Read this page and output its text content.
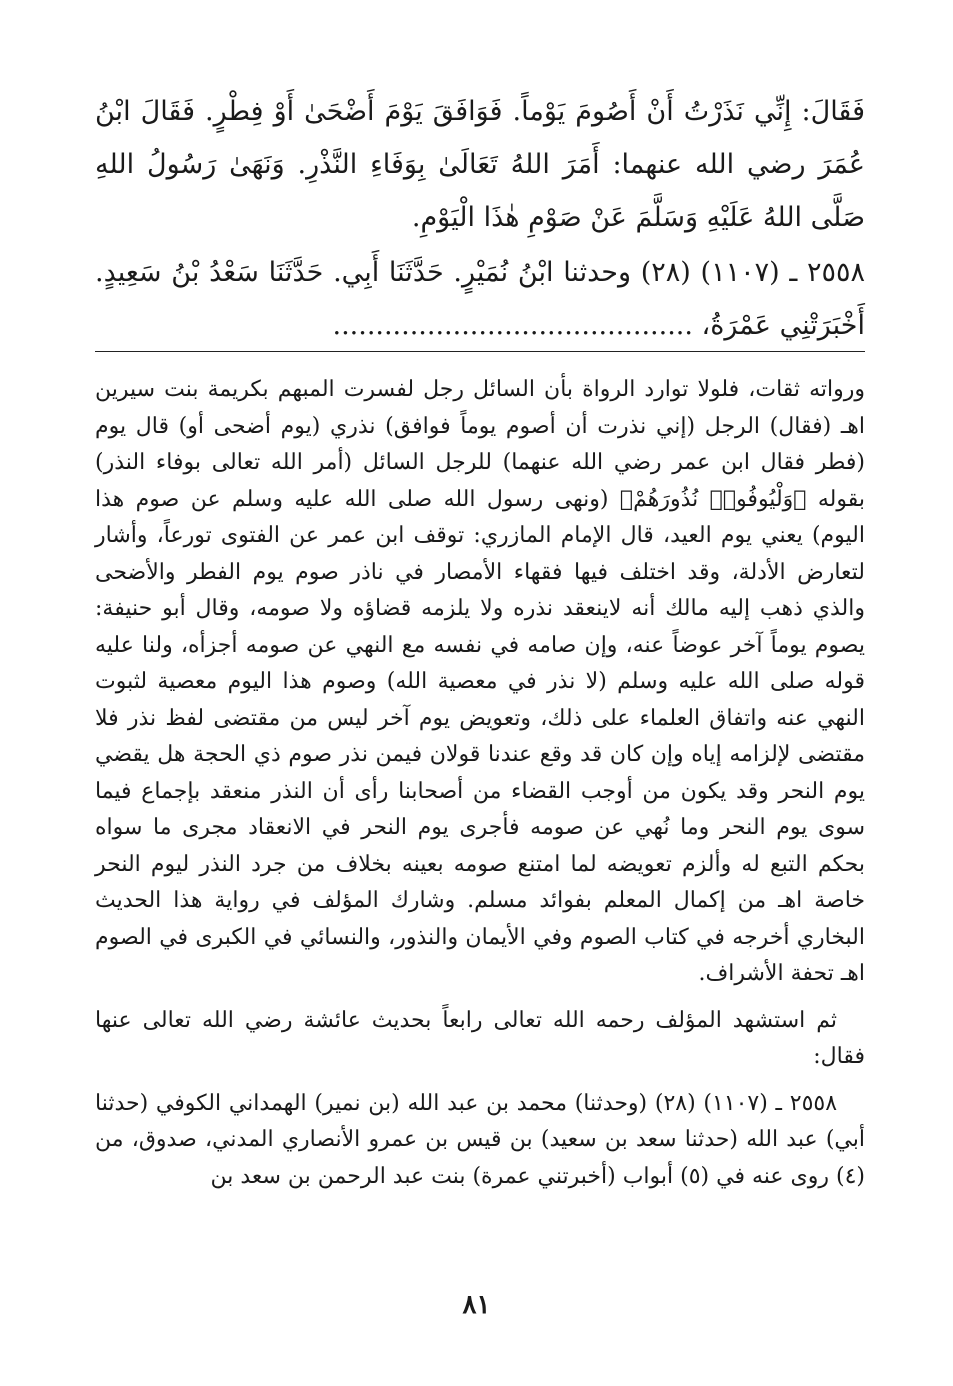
فَقَالَ: إِنِّي نَذَرْتُ أَنْ أَصُومَ يَوْماً. فَوَافَقَ يَوْمَ أَضْحَىٰ أَوْ فِطْرٍ. فَقَالَ ابْنُ عُمَرَ رضي الله عنهما: أَمَرَ اللهُ تَعَالَىٰ بِوَفَاءِ النَّذْرِ. وَنَهَىٰ رَسُولُ اللهِ صَلَّى اللهُ عَلَيْهِ وَسَلَّمَ عَنْ صَوْمِ هٰذَا الْيَوْمِ.

٢٥٥٨ ـ (١١٠٧) (٢٨) وحدثنا ابْنُ نُمَيْرٍ. حَدَّثَنَا أَبِي. حَدَّثَنَا سَعْدُ بْنُ سَعِيدٍ. أَخْبَرَتْنِي عَمْرَةُ، ..........................................

ورواته ثقات، فلولا توارد الرواة بأن السائل رجل لفسرت المبهم بكريمة بنت سيرين اهـ (فقال) الرجل (إني نذرت أن أصوم يوماً فوافق) نذري (يوم أضحى أو) قال يوم (فطر فقال ابن عمر رضي الله عنهما) للرجل السائل (أمر الله تعالى بوفاء النذر) بقوله ﴿وَلْيُوفُوا۟ نُذُورَهُمْ﴾ (ونهى رسول الله صلى الله عليه وسلم عن صوم هذا اليوم) يعني يوم العيد، قال الإمام المازري: توقف ابن عمر عن الفتوى تورعاً، وأشار لتعارض الأدلة، وقد اختلف فيها فقهاء الأمصار في ناذر صوم يوم الفطر والأضحى والذي ذهب إليه مالك أنه لاينعقد نذره ولا يلزمه قضاؤه ولا صومه، وقال أبو حنيفة: يصوم يوماً آخر عوضاً عنه، وإن صامه في نفسه مع النهي عن صومه أجزأه، ولنا عليه قوله صلى الله عليه وسلم (لا نذر في معصية الله) وصوم هذا اليوم معصية لثبوت النهي عنه واتفاق العلماء على ذلك، وتعويض يوم آخر ليس من مقتضى لفظ نذر فلا مقتضى لإلزامه إياه وإن كان قد وقع عندنا قولان فيمن نذر صوم ذي الحجة هل يقضي يوم النحر وقد يكون من أوجب القضاء من أصحابنا رأى أن النذر منعقد بإجماع فيما سوى يوم النحر وما نُهي عن صومه فأجرى يوم النحر في الانعقاد مجرى ما سواه بحكم التبع له وألزم تعويضه لما امتنع صومه بعينه بخلاف من جرد النذر ليوم النحر خاصة اهـ من إكمال المعلم بفوائد مسلم. وشارك المؤلف في رواية هذا الحديث البخاري أخرجه في كتاب الصوم وفي الأيمان والنذور، والنسائي في الكبرى في الصوم اهـ تحفة الأشراف.

ثم استشهد المؤلف رحمه الله تعالى رابعاً بحديث عائشة رضي الله تعالى عنها فقال:

٢٥٥٨ ـ (١١٠٧) (٢٨) (وحدثنا) محمد بن عبد الله (بن نمير) الهمداني الكوفي (حدثنا أبي) عبد الله (حدثنا سعد بن سعيد) بن قيس بن عمرو الأنصاري المدني، صدوق، من (٤) روى عنه في (٥) أبواب (أخبرتني عمرة) بنت عبد الرحمن بن سعد بن

٨١
